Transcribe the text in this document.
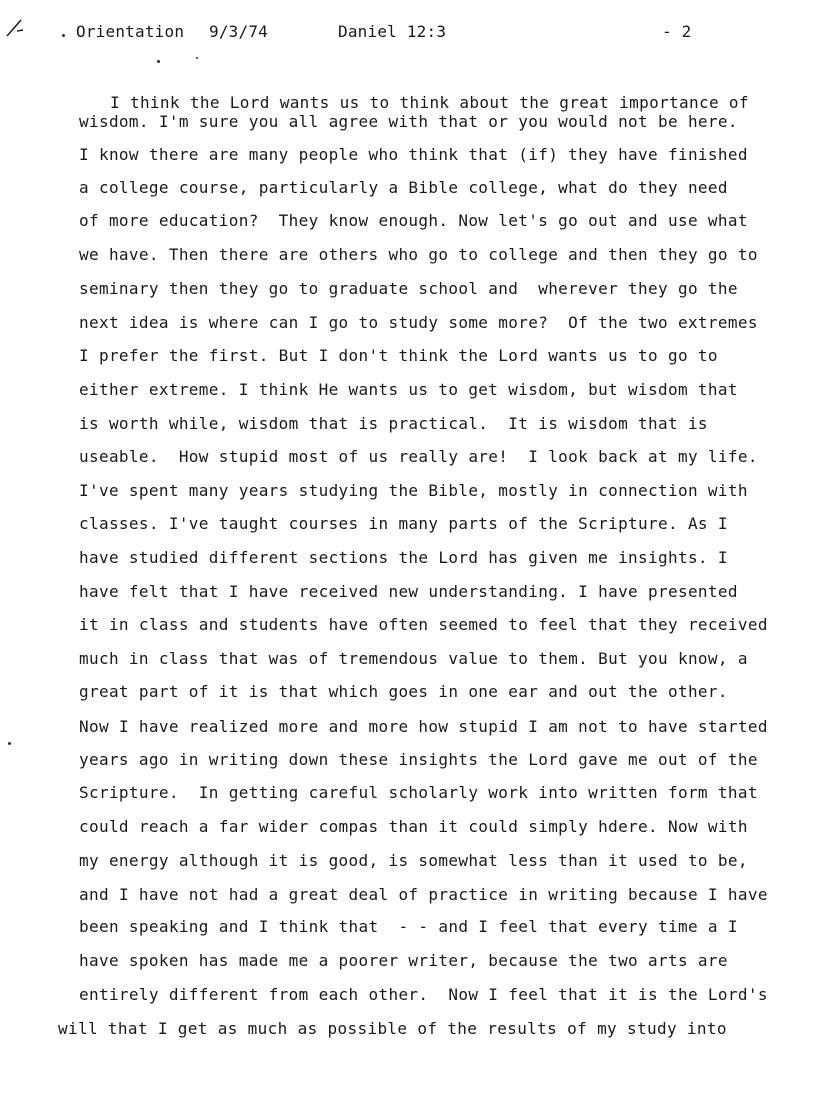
Orientation 9/3/74	Daniel 12:3	- 2
I think the Lord wants us to think about the great importance of
wisdom. I'm sure you all agree with that or you would not be here.
I know there are many people who think that (if) they have finished
a college course, particularly a Bible college, what do they need
of more education?  They know enough. Now let's go out and use what
we have. Then there are others who go to college and then they go to
seminary then they go to graduate school and  wherever they go the
next idea is where can I go to study some more?  Of the two extremes
I prefer the first. But I don't think the Lord wants us to go to
either extreme. I think He wants us to get wisdom, but wisdom that
is worth while, wisdom that is practical.  It is wisdom that is
useable.  How stupid most of us really are!  I look back at my life.
I've spent many years studying the Bible, mostly in connection with
classes. I've taught courses in many parts of the Scripture. As I
have studied different sections the Lord has given me insights. I
have felt that I have received new understanding. I have presented
it in class and students have often seemed to feel that they received
much in class that was of tremendous value to them. But you know, a
great part of it is that which goes in one ear and out the other.
Now I have realized more and more how stupid I am not to have started
years ago in writing down these insights the Lord gave me out of the
Scripture.  In getting careful scholarly work into written form that
could reach a far wider compas than it could simply hdere. Now with
my energy although it is good, is somewhat less than it used to be,
and I have not had a great deal of practice in writing because I have
been speaking and I think that  - - and I feel that every time a I
have spoken has made me a poorer writer, because the two arts are
entirely different from each other.  Now I feel that it is the Lord's
will that I get as much as possible of the results of my study into
